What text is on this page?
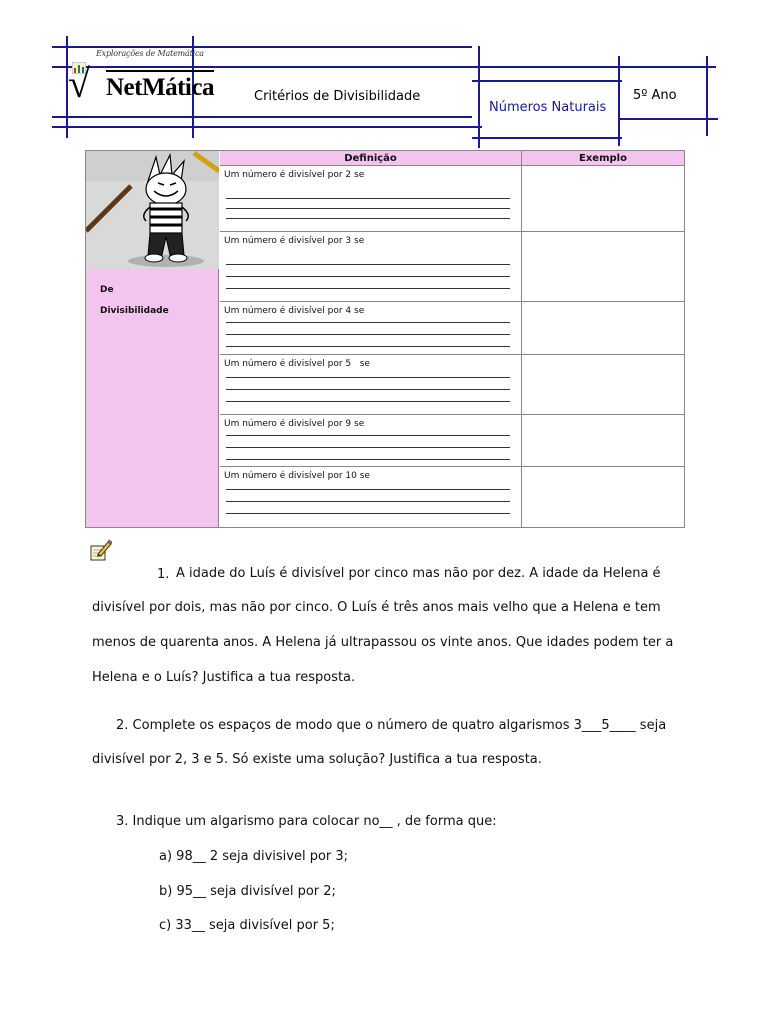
Explorações de Matemática
√ NetMática	Critérios de Divisibilidade
Números Naturais
5º Ano
De
Divisibilidade
Definição	Exemplo
Um número é divisível por 2 se
Um número é divisível por 3 se
Um número é divisível por 4 se
Um número é divisível por 5   se
Um número é divisível por 9 se
Um número é divisível por 10 se
1. A idade do Luís é divisível por cinco mas não por dez. A idade da Helena é
divisível por dois, mas não por cinco. O Luís é três anos mais velho que a Helena e tem
menos de quarenta anos. A Helena já ultrapassou os vinte anos. Que idades podem ter a
Helena e o Luís? Justifica a tua resposta.
2. Complete os espaços de modo que o número de quatro algarismos 3___5____ seja
divisível por 2, 3 e 5. Só existe uma solução? Justifica a tua resposta.
3. Indique um algarismo para colocar no__ , de forma que:
a) 98__ 2 seja divisivel por 3;
b) 95__ seja divisível por 2;
c) 33__ seja divisível por 5;
